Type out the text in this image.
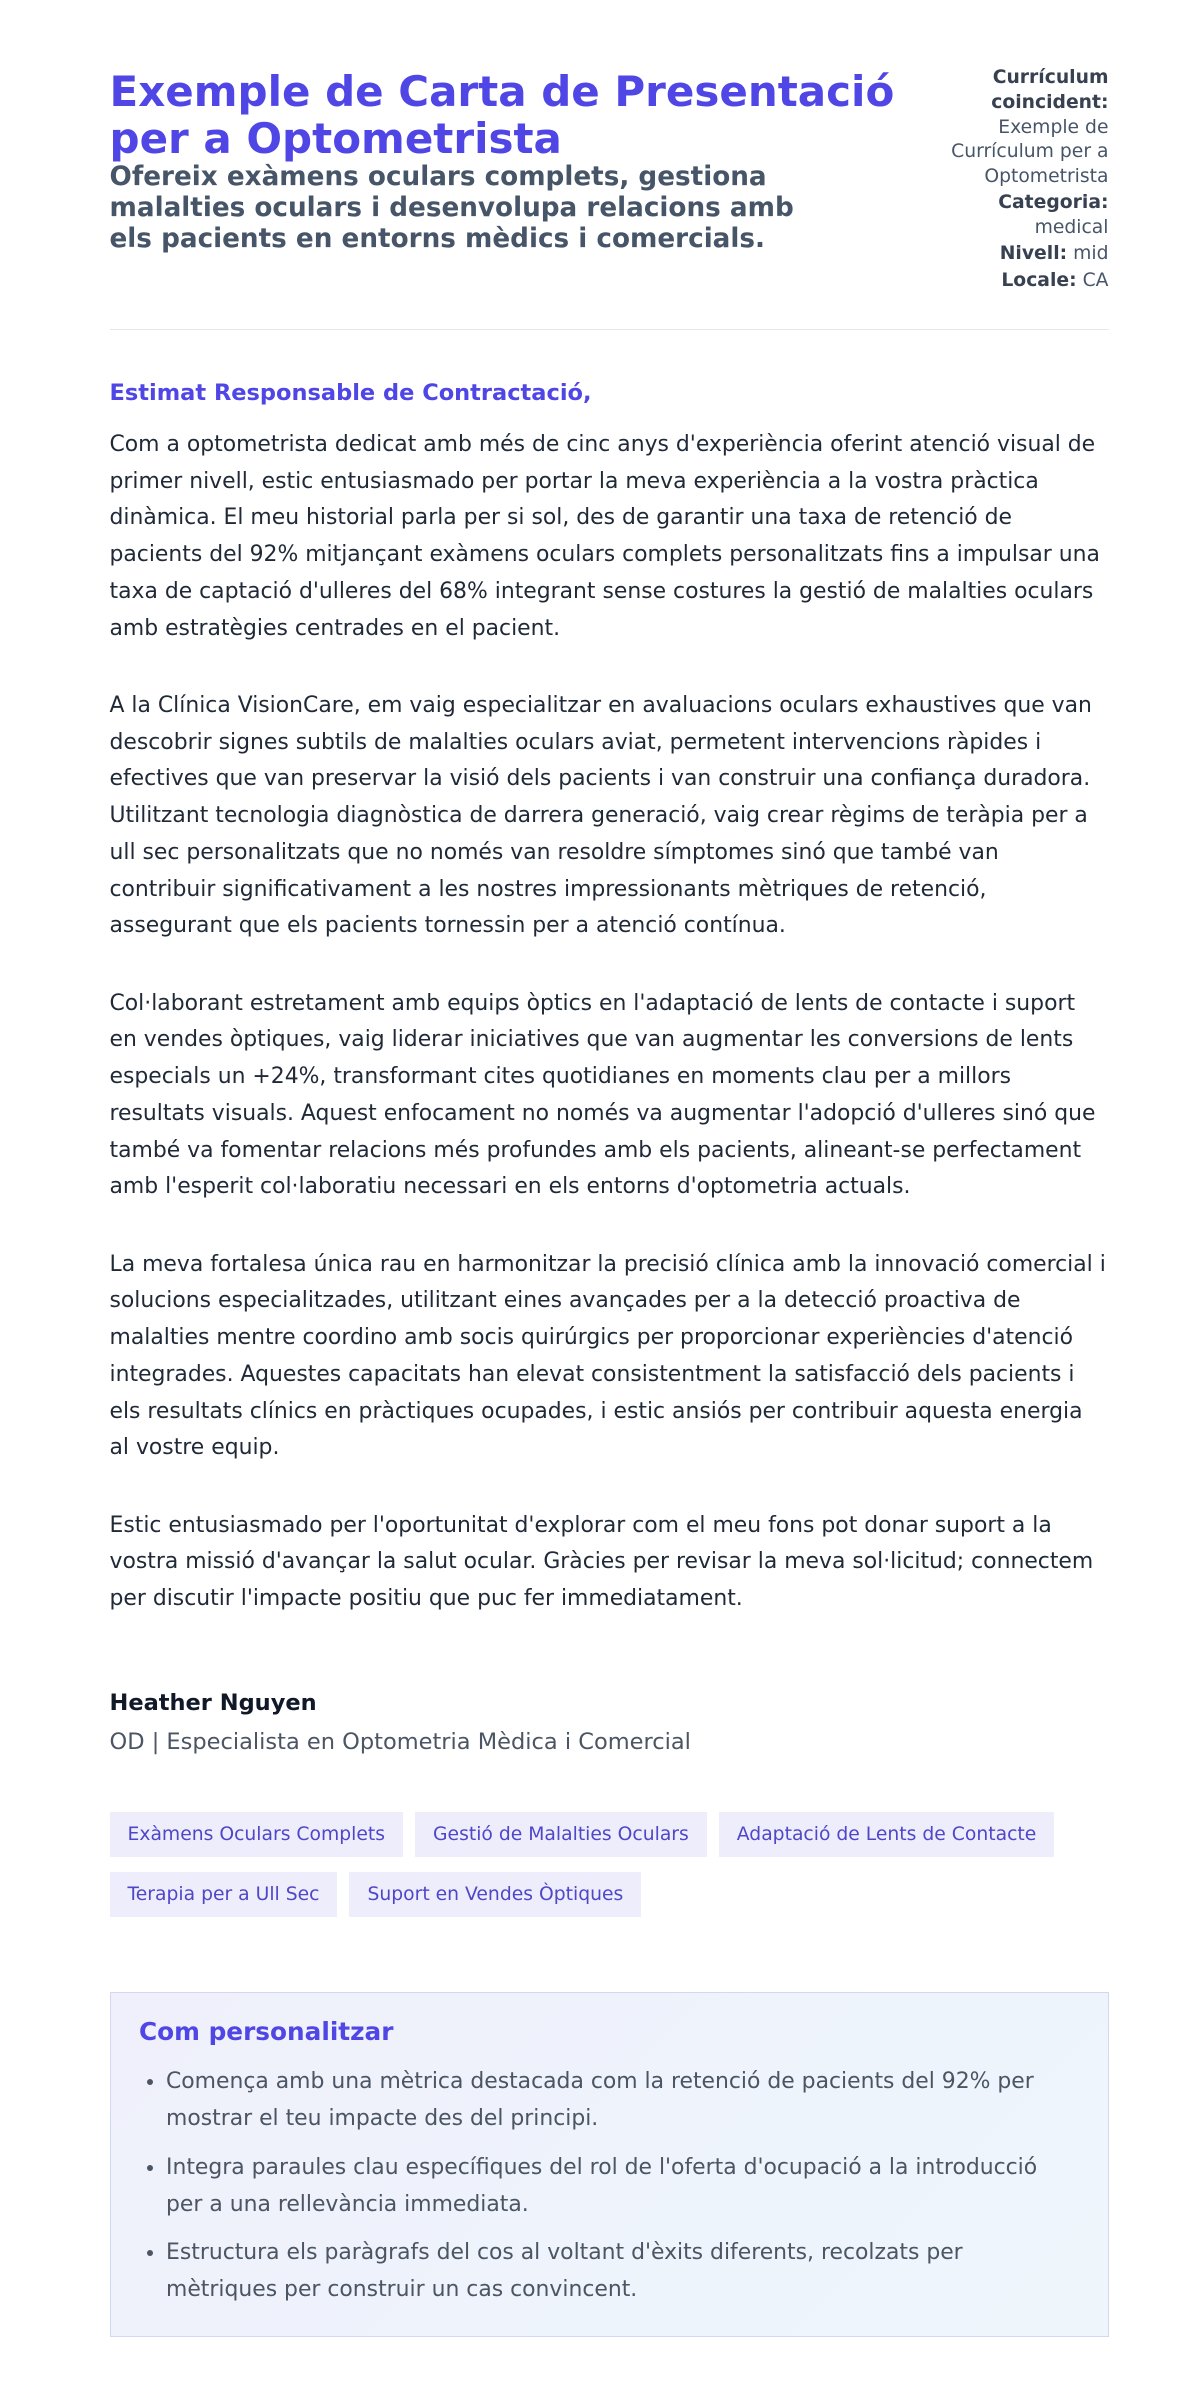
Exemple de Carta de Presentació per a Optometrista

Ofereix exàmens oculars complets, gestiona malalties oculars i desenvolupa relacions amb els pacients en entorns mèdics i comercials.

Currículum coincident:
Exemple de Currículum per a Optometrista
Categoria: medical
Nivell: mid
Locale: CA
Estimat Responsable de Contractació,

Com a optometrista dedicat amb més de cinc anys d'experiència oferint atenció visual de primer nivell, estic entusiasmado per portar la meva experiència a la vostra pràctica dinàmica. El meu historial parla per si sol, des de garantir una taxa de retenció de pacients del 92% mitjançant exàmens oculars complets personalitzats fins a impulsar una taxa de captació d'ulleres del 68% integrant sense costures la gestió de malalties oculars amb estratègies centrades en el pacient.

A la Clínica VisionCare, em vaig especialitzar en avaluacions oculars exhaustives que van descobrir signes subtils de malalties oculars aviat, permetent intervencions ràpides i efectives que van preservar la visió dels pacients i van construir una confiança duradora. Utilitzant tecnologia diagnòstica de darrera generació, vaig crear règims de teràpia per a ull sec personalitzats que no només van resoldre símptomes sinó que també van contribuir significativament a les nostres impressionants mètriques de retenció, assegurant que els pacients tornessin per a atenció contínua.

Col·laborant estretament amb equips òptics en l'adaptació de lents de contacte i suport en vendes òptiques, vaig liderar iniciatives que van augmentar les conversions de lents especials un +24%, transformant cites quotidianes en moments clau per a millors resultats visuals. Aquest enfocament no només va augmentar l'adopció d'ulleres sinó que també va fomentar relacions més profundes amb els pacients, alineant-se perfectament amb l'esperit col·laboratiu necessari en els entorns d'optometria actuals.

La meva fortalesa única rau en harmonitzar la precisió clínica amb la innovació comercial i solucions especialitzades, utilitzant eines avançades per a la detecció proactiva de malalties mentre coordino amb socis quirúrgics per proporcionar experiències d'atenció integrades. Aquestes capacitats han elevat consistentment la satisfacció dels pacients i els resultats clínics en pràctiques ocupades, i estic ansiós per contribuir aquesta energia al vostre equip.

Estic entusiasmado per l'oportunitat d'explorar com el meu fons pot donar suport a la vostra missió d'avançar la salut ocular. Gràcies per revisar la meva sol·licitud; connectem per discutir l'impacte positiu que puc fer immediatament.

Heather Nguyen
OD | Especialista en Optometria Mèdica i Comercial
Exàmens Oculars Complets	Gestió de Malalties Oculars	Adaptació de Lents de Contacte
Terapia per a Ull Sec	Suport en Vendes Òptiques
Com personalitzar
• Comença amb una mètrica destacada com la retenció de pacients del 92% per mostrar el teu impacte des del principi.
• Integra paraules clau específiques del rol de l'oferta d'ocupació a la introducció per a una rellevància immediata.
• Estructura els paràgrafs del cos al voltant d'èxits diferents, recolzats per mètriques per construir un cas convincent.
